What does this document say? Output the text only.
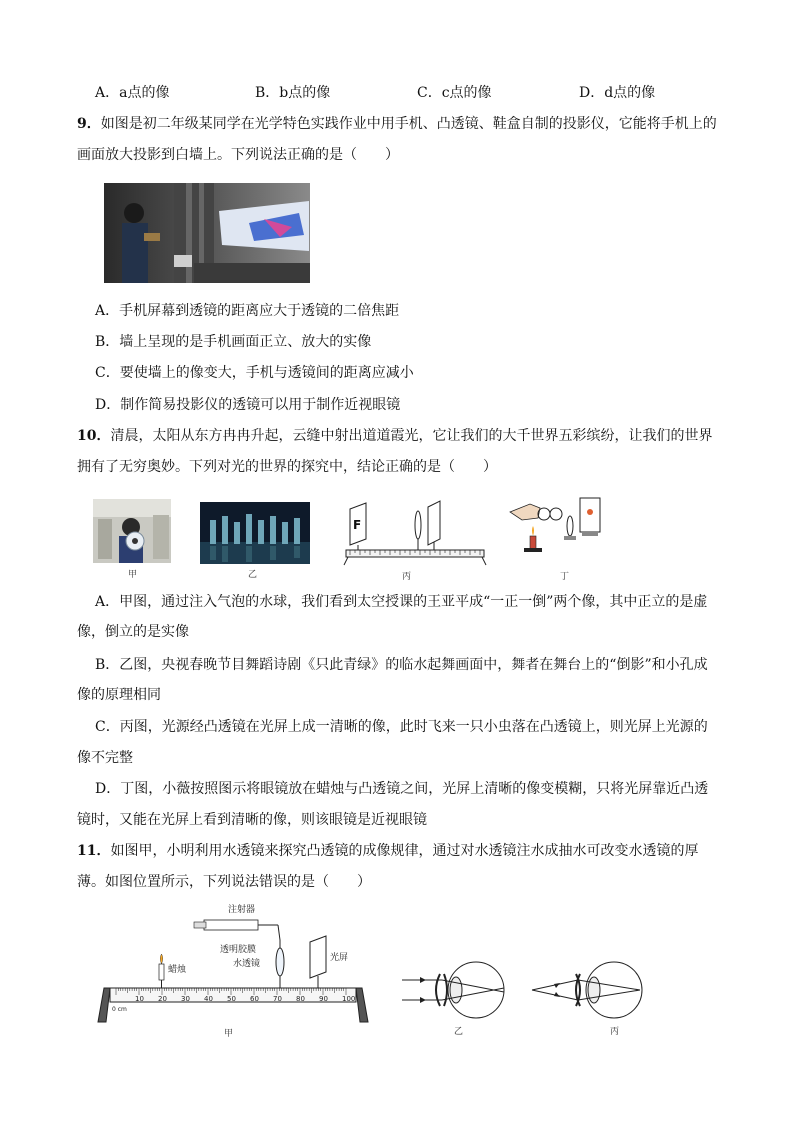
A．a点的像	B．b点的像	C．c点的像	D．d点的像
9．如图是初二年级某同学在光学特色实践作业中用手机、凸透镜、鞋盒自制的投影仪，它能将手机上的
画面放大投影到白墙上。下列说法正确的是（　　）
A．手机屏幕到透镜的距离应大于透镜的二倍焦距
B．墙上呈现的是手机画面正立、放大的实像
C．要使墙上的像变大，手机与透镜间的距离应减小
D．制作简易投影仪的透镜可以用于制作近视眼镜
10．清晨，太阳从东方冉冉升起，云缝中射出道道霞光，它让我们的大千世界五彩缤纷，让我们的世界
拥有了无穷奥妙。下列对光的世界的探究中，结论正确的是（　　）
甲	乙
F
丙	丁
A．甲图，通过注入气泡的水球，我们看到太空授课的王亚平成“一正一倒”两个像，其中正立的是虚
像，倒立的是实像
B．乙图，央视春晚节目舞蹈诗剧《只此青绿》的临水起舞画面中，舞者在舞台上的“倒影”和小孔成
像的原理相同
C．丙图，光源经凸透镜在光屏上成一清晰的像，此时飞来一只小虫落在凸透镜上，则光屏上光源的
像不完整
D．丁图，小薇按照图示将眼镜放在蜡烛与凸透镜之间，光屏上清晰的像变模糊，只将光屏靠近凸透
镜时，又能在光屏上看到清晰的像，则该眼镜是近视眼镜
11．如图甲，小明利用水透镜来探究凸透镜的成像规律，通过对水透镜注水成抽水可改变水透镜的厚
薄。如图位置所示，下列说法错误的是（　　）
注射器
透明胶膜
水透镜
蜡烛
光屏
10 20 30 40 50 60 70 80 90 100
0 cm
甲	乙	丙
